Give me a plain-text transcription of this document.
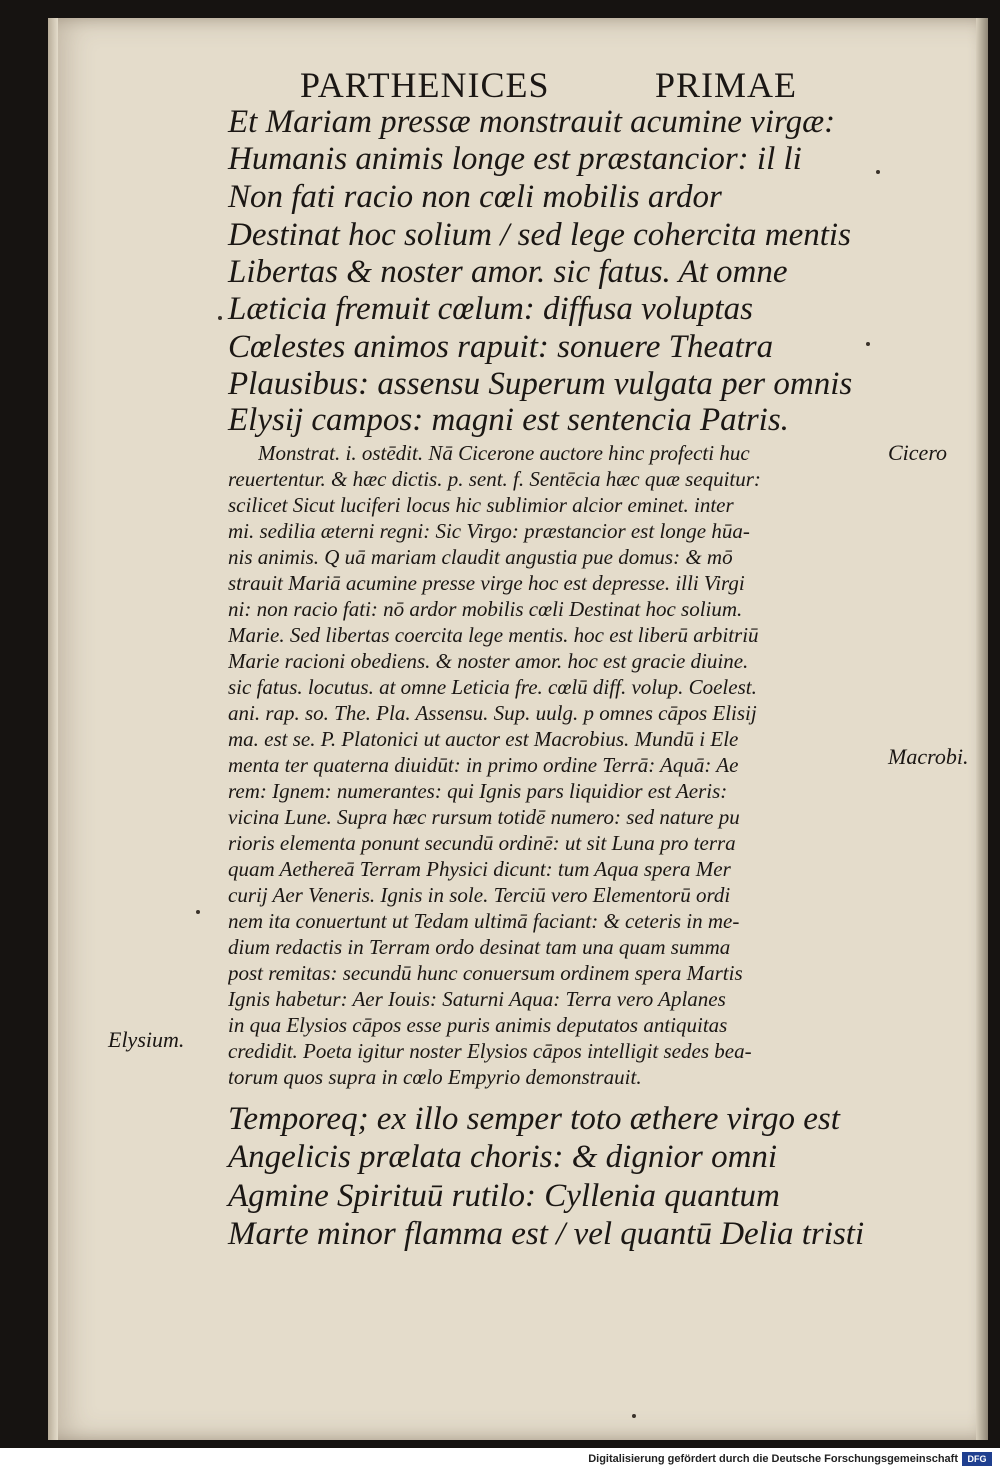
PARTHENICES	PRIMAE
Et Mariam pressæ monstrauit acumine virgæ:
Humanis animis longe est præstancior: il li
Non fati racio non cœli mobilis ardor
Destinat hoc solium / sed lege cohercita mentis
Libertas & noster amor. sic fatus. At omne
Læticia fremuit cœlum: diffusa voluptas
Cœlestes animos rapuit: sonuere Theatra
Plausibus: assensu Superum vulgata per omnis
Elysij campos: magni est sentencia Patris.
Monstrat. i. ostēdit. Nā Cicerone auctore hinc profecti huc
reuertentur. & hæc dictis. p. sent. f. Sentēcia hæc quæ sequitur:
scilicet Sicut luciferi locus hic sublimior alcior eminet. inter
mi. sedilia æterni regni: Sic Virgo: præstancior est longe hūa-
nis animis. Q uā mariam claudit angustia pue domus: & mō
strauit Mariā acumine presse virge hoc est depresse. illi Virgi
ni: non racio fati: nō ardor mobilis cœli Destinat hoc solium.
Marie. Sed libertas coercita lege mentis. hoc est liberū arbitriū
Marie racioni obediens. & noster amor. hoc est gracie diuine.
sic fatus. locutus. at omne Leticia fre. cœlū diff. volup. Coelest.
ani. rap. so. The. Pla. Assensu. Sup. uulg. p omnes cāpos Elisij
ma. est se. P. Platonici ut auctor est Macrobius. Mundū i Ele
menta ter quaterna diuidūt: in primo ordine Terrā: Aquā: Ae
rem: Ignem: numerantes: qui Ignis pars liquidior est Aeris:
vicina Lune. Supra hæc rursum totidē numero: sed nature pu
rioris elementa ponunt secundū ordinē: ut sit Luna pro terra
quam Aethereā Terram Physici dicunt: tum Aqua spera Mer
curij Aer Veneris. Ignis in sole. Terciū vero Elementorū ordi
nem ita conuertunt ut Tedam ultimā faciant: & ceteris in me-
dium redactis in Terram ordo desinat tam una quam summa
post remitas: secundū hunc conuersum ordinem spera Martis
Ignis habetur: Aer Iouis: Saturni Aqua: Terra vero Aplanes
in qua Elysios cāpos esse puris animis deputatos antiquitas
credidit. Poeta igitur noster Elysios cāpos intelligit sedes bea-
torum quos supra in cœlo Empyrio demonstrauit.
Temporeq; ex illo semper toto æthere virgo est
Angelicis prælata choris: & dignior omni
Agmine Spirituū rutilo: Cyllenia quantum
Marte minor flamma est / vel quantū Delia tristi
Cicero
Macrobi.
Elysium.
Digitalisierung gefördert durch die Deutsche Forschungsgemeinschaft	DFG
